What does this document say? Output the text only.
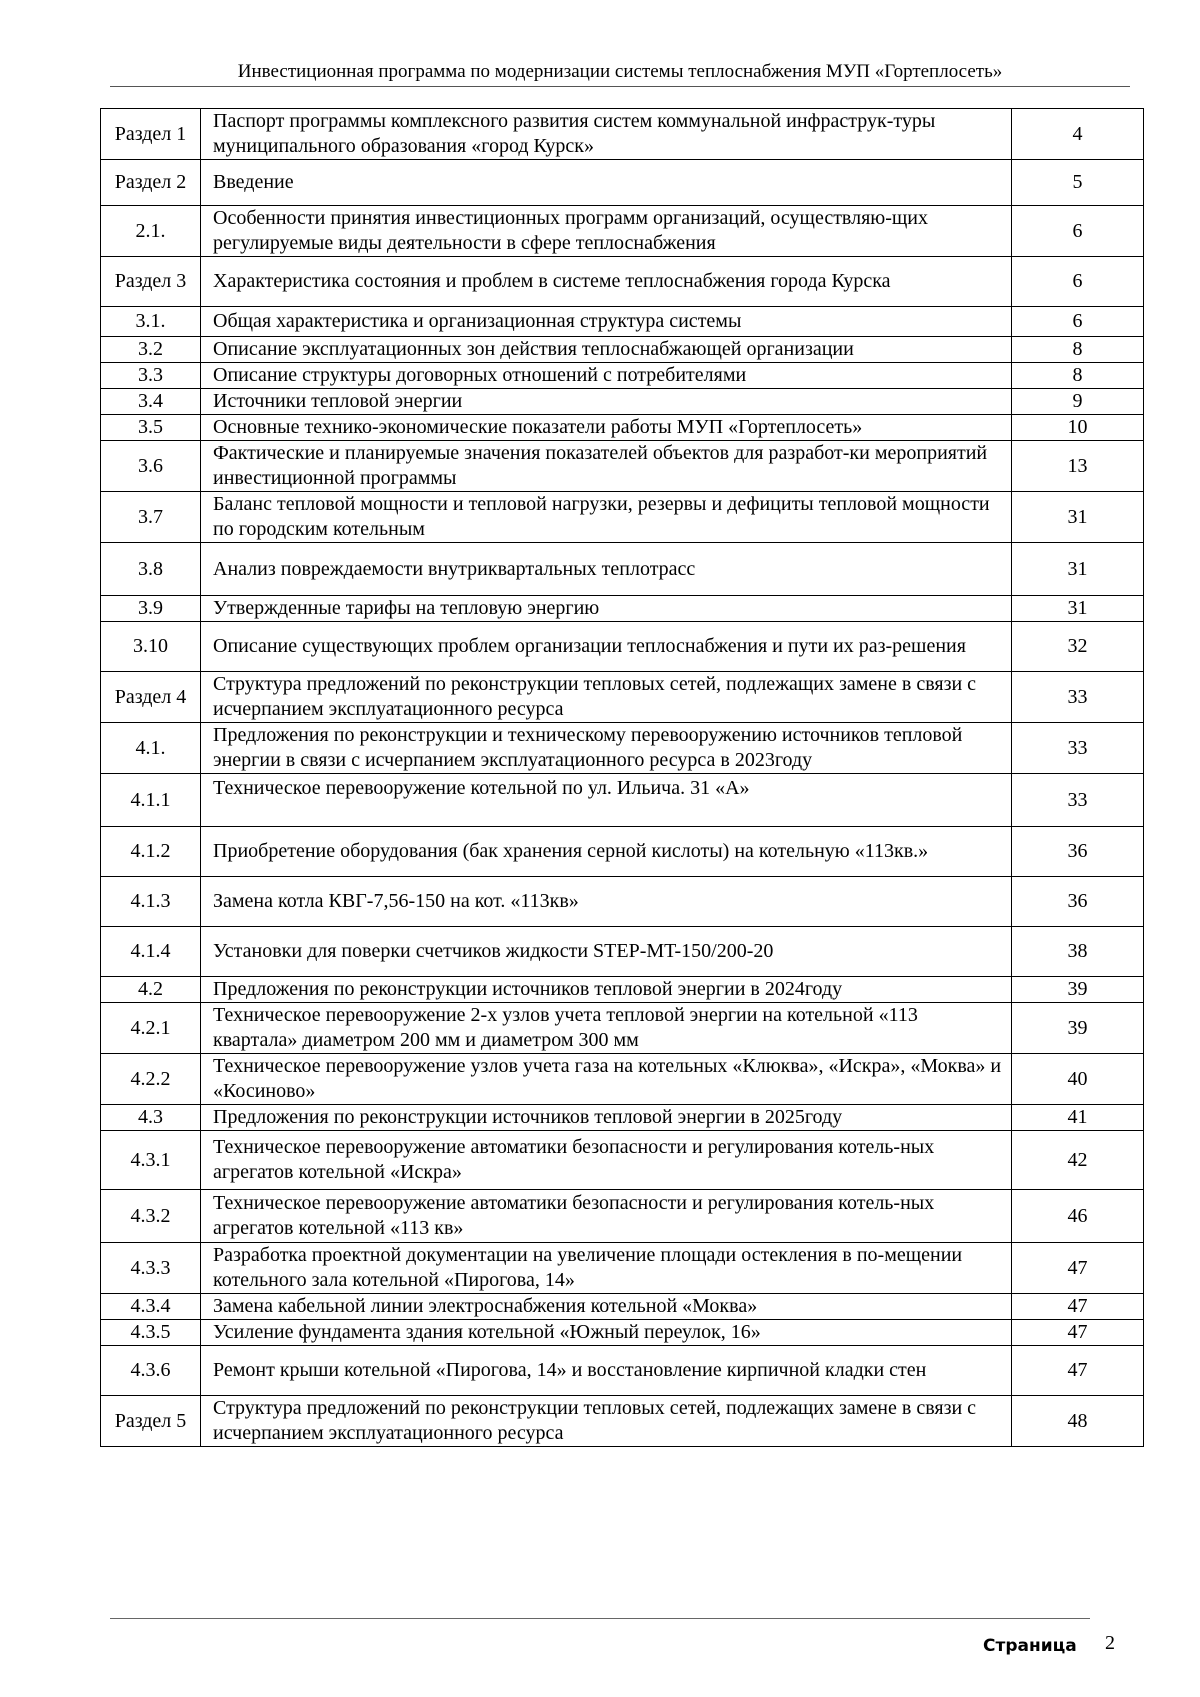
Инвестиционная программа по модернизации системы теплоснабжения МУП «Гортеплосеть»
Раздел 1	Паспорт программы комплексного развития систем коммунальной инфраструк-туры муниципального образования «город Курск»	4
Раздел 2	Введение	5
2.1.	Особенности принятия инвестиционных программ организаций, осуществляю-щих регулируемые виды деятельности в сфере теплоснабжения	6
Раздел 3	Характеристика состояния и проблем в системе теплоснабжения города Курска	6
3.1.	Общая характеристика и организационная структура системы	6
3.2	Описание эксплуатационных зон действия теплоснабжающей организации	8
3.3	Описание структуры договорных отношений с потребителями	8
3.4	Источники тепловой энергии	9
3.5	Основные технико-экономические показатели работы МУП «Гортеплосеть»	10
3.6	Фактические и планируемые значения показателей объектов для разработ-ки мероприятий инвестиционной программы	13
3.7	Баланс тепловой мощности и тепловой нагрузки, резервы и дефициты тепловой мощности по городским котельным	31
3.8	Анализ повреждаемости внутриквартальных теплотрасс	31
3.9	Утвержденные тарифы на тепловую энергию	31
3.10	Описание существующих проблем организации теплоснабжения и пути их раз-решения	32
Раздел 4	Структура предложений по реконструкции тепловых сетей, подлежащих замене в связи с исчерпанием эксплуатационного ресурса	33
4.1.	Предложения по реконструкции и техническому перевооружению источников тепловой энергии в связи с исчерпанием эксплуатационного ресурса в 2023году	33
4.1.1	Техническое перевооружение котельной по ул. Ильича. 31 «А»	33
4.1.2	Приобретение оборудования (бак хранения серной кислоты) на котельную «113кв.»	36
4.1.3	Замена котла КВГ-7,56-150 на кот. «113кв»	36
4.1.4	Установки для поверки счетчиков жидкости STEP-MT-150/200-20	38
4.2	Предложения по реконструкции источников тепловой энергии в 2024году	39
4.2.1	Техническое перевооружение 2-х узлов учета тепловой энергии на котельной «113 квартала» диаметром 200 мм и диаметром 300 мм	39
4.2.2	Техническое перевооружение узлов учета газа на котельных «Клюква», «Искра», «Моква» и «Косиново»	40
4.3	Предложения по реконструкции источников тепловой энергии в 2025году	41
4.3.1	Техническое перевооружение автоматики безопасности и регулирования котель-ных агрегатов котельной «Искра»	42
4.3.2	Техническое перевооружение автоматики безопасности и регулирования котель-ных агрегатов котельной «113 кв»	46
4.3.3	Разработка проектной документации на увеличение площади остекления в по-мещении котельного зала котельной «Пирогова, 14»	47
4.3.4	Замена кабельной линии электроснабжения котельной «Моква»	47
4.3.5	Усиление фундамента здания котельной «Южный переулок, 16»	47
4.3.6	Ремонт крыши котельной «Пирогова, 14» и восстановление кирпичной кладки стен	47
Раздел 5	Структура предложений по реконструкции тепловых сетей, подлежащих замене в связи с исчерпанием эксплуатационного ресурса	48
Страница 2
